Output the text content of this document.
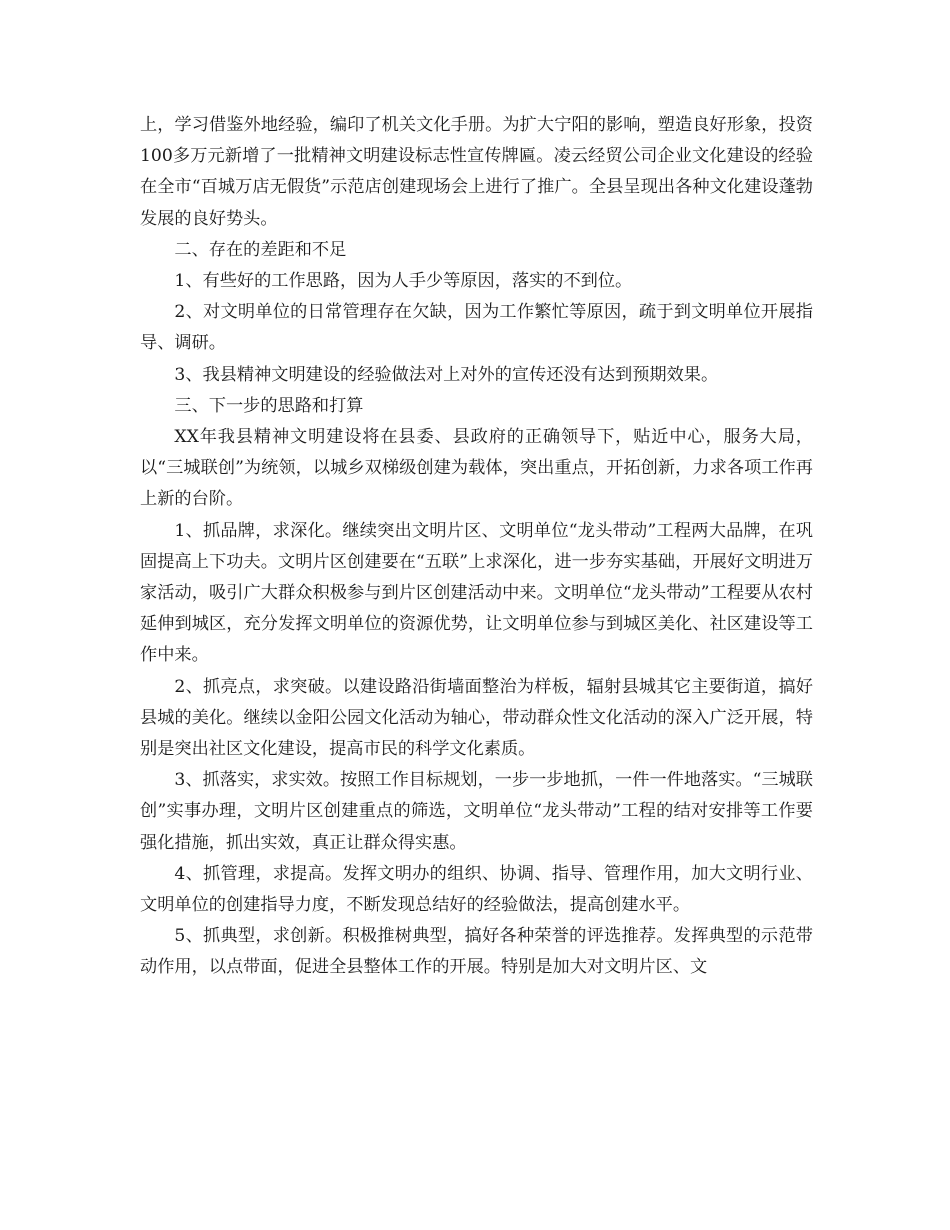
上，学习借鉴外地经验，编印了机关文化手册。为扩大宁阳的影响，塑造良好形象，投资100多万元新增了一批精神文明建设标志性宣传牌匾。凌云经贸公司企业文化建设的经验在全市“百城万店无假货”示范店创建现场会上进行了推广。全县呈现出各种文化建设蓬勃发展的良好势头。

二、存在的差距和不足

1、有些好的工作思路，因为人手少等原因，落实的不到位。

2、对文明单位的日常管理存在欠缺，因为工作繁忙等原因，疏于到文明单位开展指导、调研。

3、我县精神文明建设的经验做法对上对外的宣传还没有达到预期效果。

三、下一步的思路和打算

XX年我县精神文明建设将在县委、县政府的正确领导下，贴近中心，服务大局，以“三城联创”为统领，以城乡双梯级创建为载体，突出重点，开拓创新，力求各项工作再上新的台阶。

1、抓品牌，求深化。继续突出文明片区、文明单位“龙头带动”工程两大品牌，在巩固提高上下功夫。文明片区创建要在“五联”上求深化，进一步夯实基础，开展好文明进万家活动，吸引广大群众积极参与到片区创建活动中来。文明单位“龙头带动”工程要从农村延伸到城区，充分发挥文明单位的资源优势，让文明单位参与到城区美化、社区建设等工作中来。

2、抓亮点，求突破。以建设路沿街墙面整治为样板，辐射县城其它主要街道，搞好县城的美化。继续以金阳公园文化活动为轴心，带动群众性文化活动的深入广泛开展，特别是突出社区文化建设，提高市民的科学文化素质。

3、抓落实，求实效。按照工作目标规划，一步一步地抓，一件一件地落实。“三城联创”实事办理，文明片区创建重点的筛选，文明单位“龙头带动”工程的结对安排等工作要强化措施，抓出实效，真正让群众得实惠。

4、抓管理，求提高。发挥文明办的组织、协调、指导、管理作用，加大文明行业、文明单位的创建指导力度，不断发现总结好的经验做法，提高创建水平。

5、抓典型，求创新。积极推树典型，搞好各种荣誉的评选推荐。发挥典型的示范带动作用，以点带面，促进全县整体工作的开展。特别是加大对文明片区、文
